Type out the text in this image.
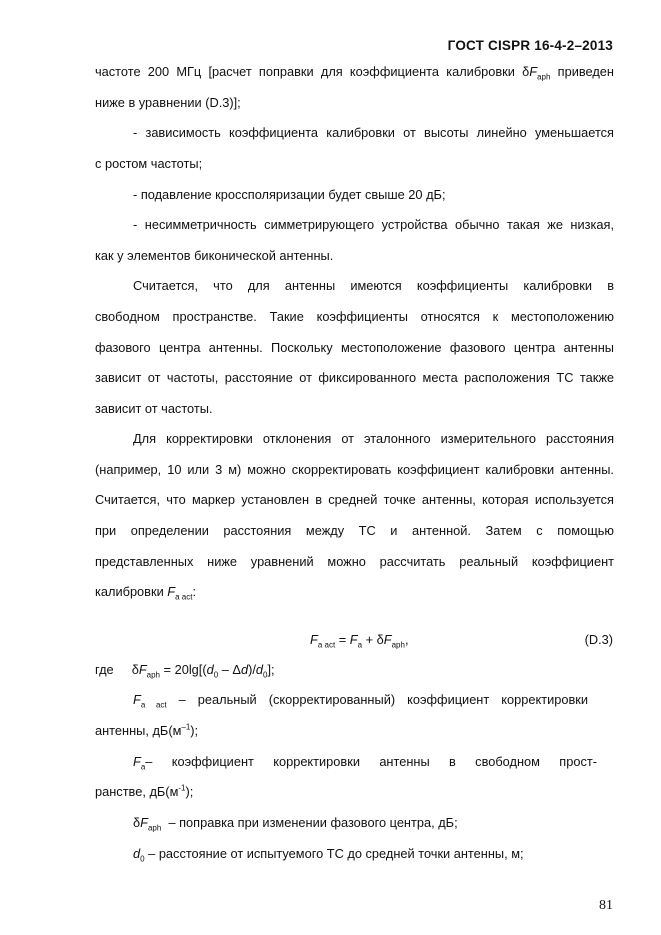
ГОСТ CISPR 16-4-2–2013
частоте 200 МГц [расчет поправки для коэффициента калибровки $\delta F_{aph}$ приведен
ниже в уравнении (D.3)];
- зависимость коэффициента калибровки от высоты линейно уменьшается
с ростом частоты;
- подавление кроссполяризации будет свыше 20 дБ;
- несимметричность симметрирующего устройства обычно такая же низкая,
как у элементов биконической антенны.
Считается, что для антенны имеются коэффициенты калибровки в
свободном пространстве. Такие коэффициенты относятся к местоположению
фазового центра антенны. Поскольку местоположение фазового центра антенны
зависит от частоты, расстояние от фиксированного места расположения ТС также
зависит от частоты.
Для корректировки отклонения от эталонного измерительного расстояния
(например, 10 или 3 м) можно скорректировать коэффициент калибровки антенны.
Считается, что маркер установлен в средней точке антенны, которая используется
при определении расстояния между ТС и антенной. Затем с помощью
представленных ниже уравнений можно рассчитать реальный коэффициент
калибровки $F_{a act}$:
$F_{a act} = F_a + \delta F_{aph}$,	(D.3)
где $\delta F_{aph} = 20\lg[(d_0 - \Delta d)/d_0]$;
$F_{a act}$ – реальный (скорректированный) коэффициент корректировки
антенны, $дБ(м^{-1})$;
$F_a-$ коэффициент корректировки антенны в свободном прост-
ранстве, $дБ(м^{-1})$;
$\delta F_{aph}$ – поправка при изменении фазового центра, дБ;
$d_0$ – расстояние от испытуемого ТС до средней точки антенны, м;
81
